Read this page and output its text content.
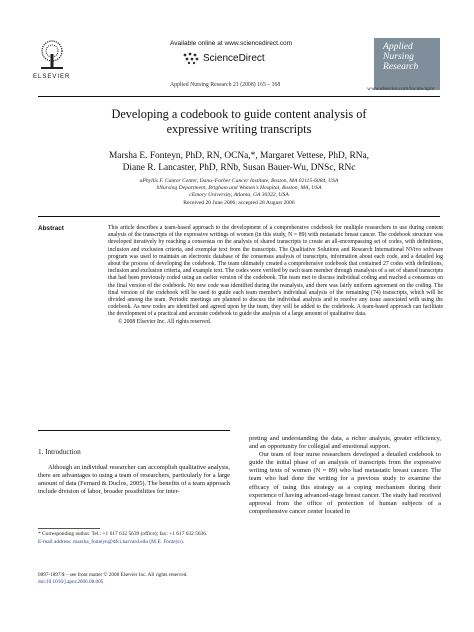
ELSEVIER
Available online at www.sciencedirect.com
ScienceDirect
Applied Nursing Research 21 (2008) 165 – 168
Applied
Nursing
Research
www.elsevier.com/locate/apnr
Developing a codebook to guide content analysis of
expressive writing transcripts
Marsha E. Fonteyn, PhD, RN, OCNa,*, Margaret Vettese, PhD, RNa,
Diane R. Lancaster, PhD, RNb, Susan Bauer-Wu, DNSc, RNc
aPhyllis F. Cantor Center, Dana–Farber Cancer Institute, Boston, MA 02115-6084, USA
bNursing Department, Brigham and Women's Hospital, Boston, MA, USA
cEmory University, Atlanta, GA 30322, USA
Received 20 June 2006; accepted 28 August 2006
Abstract	This article describes a team-based approach to the development of a comprehensive codebook for multiple researchers to use during content analysis of the transcripts of the expressive writings of women (in this study, N = 89) with metastatic breast cancer. The codebook structure was developed iteratively by reaching a consensus on the analysis of shared transcripts to create an all-encompassing set of codes, with definitions, inclusion and exclusion criteria, and exemplar text from the transcripts. The Qualitative Solutions and Research International NVivo software program was used to maintain an electronic database of the consensus analysis of transcripts, information about each code, and a detailed log about the process of developing the codebook. The team ultimately created a comprehensive codebook that contained 27 codes with definitions, inclusion and exclusion criteria, and example text. The codes were verified by each team member through reanalysis of a set of shared transcripts that had been previously coded using an earlier version of the codebook. The team met to discuss individual coding and reached a consensus on the final version of the codebook. No new code was identified during the reanalysis, and there was fairly uniform agreement on the coding. The final version of the codebook will be used to guide each team member's individual analysis of the remaining (74) transcripts, which will be divided among the team. Periodic meetings are planned to discuss the individual analysis and to resolve any issue associated with using the codebook. As new codes are identified and agreed upon by the team, they will be added to the codebook. A team-based approach can facilitate the development of a practical and accurate codebook to guide the analysis of a large amount of qualitative data.

© 2008 Elsevier Inc. All rights reserved.

1. Introduction

Although an individual researcher can accomplish qualitative analysis, there are advantages to using a team of researchers, particularly for a large amount of data (Fernard & Duclos, 2005). The benefits of a team approach include division of labor, broader possibilities for inter-

preting and understanding the data, a richer analysis, greater efficiency, and an opportunity for collegial and emotional support.

Our team of four nurse researchers developed a detailed codebook to guide the initial phase of an analysis of transcripts from the expressive writing texts of women (N = 89) who had metastatic breast cancer. The team who had done the writing for a previous study to examine the efficacy of using this strategy as a coping mechanism during their experience of having advanced-stage breast cancer. The study had received approval from the office of protection of human subjects of a comprehensive cancer center located in

* Corresponding author. Tel.: +1 617 632 5639 (office); fax: +1 617 632 5636.

E-mail address: marsha_fonteyn@dfci.harvard.edu (M.E. Fonteyn).

0897-1897/$ – see front matter © 2008 Elsevier Inc. All rights reserved.
doi:10.1016/j.apnr.2006.08.005
